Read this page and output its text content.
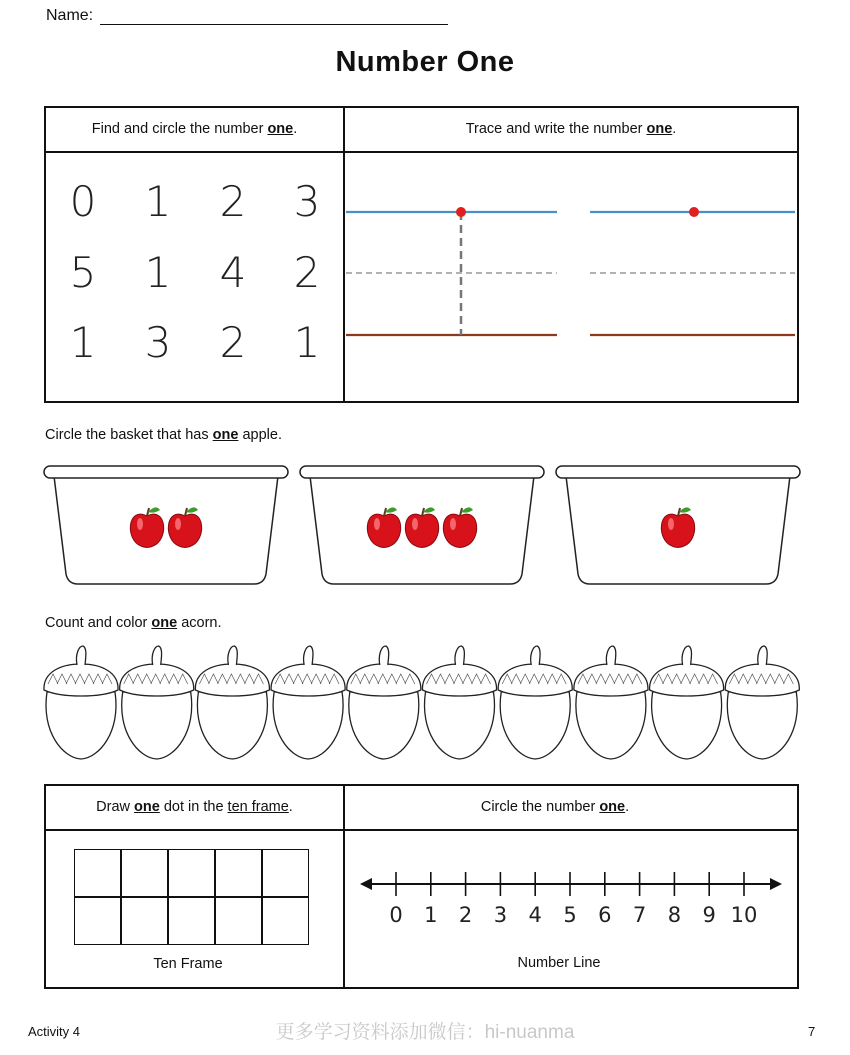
Name:
Number One
Find and circle the number one.	Trace and write the number one.
0 1 2 3
5 1 4 2
1 3 2 1
Circle the basket that has one apple.
Count and color one acorn.
Draw one dot in the ten frame.	Circle the number one.
Ten Frame
0 1 2 3 4 5 6 7 8 9 10
Number Line
Activity 4	更多学习资料添加微信：hi-nuanma	7
